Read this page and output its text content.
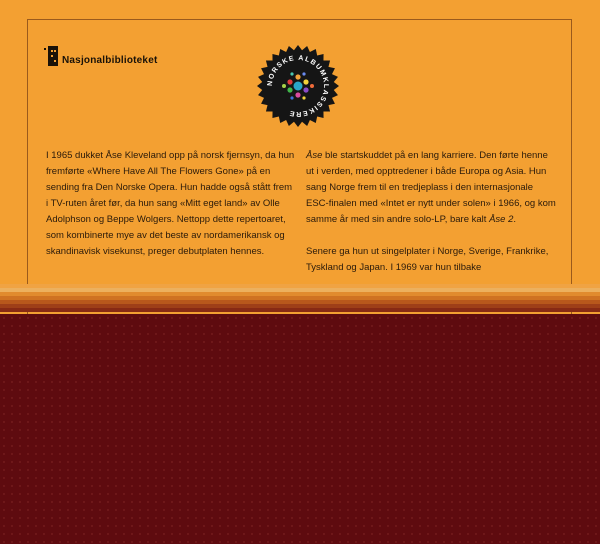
Nasjonalbiblioteket
NORSKE ALBUMKLASSIKERE

I 1965 dukket Åse Kleveland opp på norsk fjernsyn, da hun fremførte «Where Have All The Flowers Gone» på en sending fra Den Norske Opera. Hun hadde også stått frem i TV-ruten året før, da hun sang «Mitt eget land» av Olle Adolphson og Beppe Wolgers. Nettopp dette repertoaret, som kombinerte mye av det beste av nordamerikansk og skandinavisk visekunst, preger debutplaten hennes.

Åse ble startskuddet på en lang karriere. Den førte henne ut i verden, med opptredener i både Europa og Asia. Hun sang Norge frem til en tredjeplass i den internasjonale ESC-finalen med «Intet er nytt under solen» i 1966, og kom samme år med sin andre solo-LP, bare kalt Åse 2.

Senere ga hun ut singelplater i Norge, Sverige, Frankrike, Tyskland og Japan. I 1969 var hun tilbake
